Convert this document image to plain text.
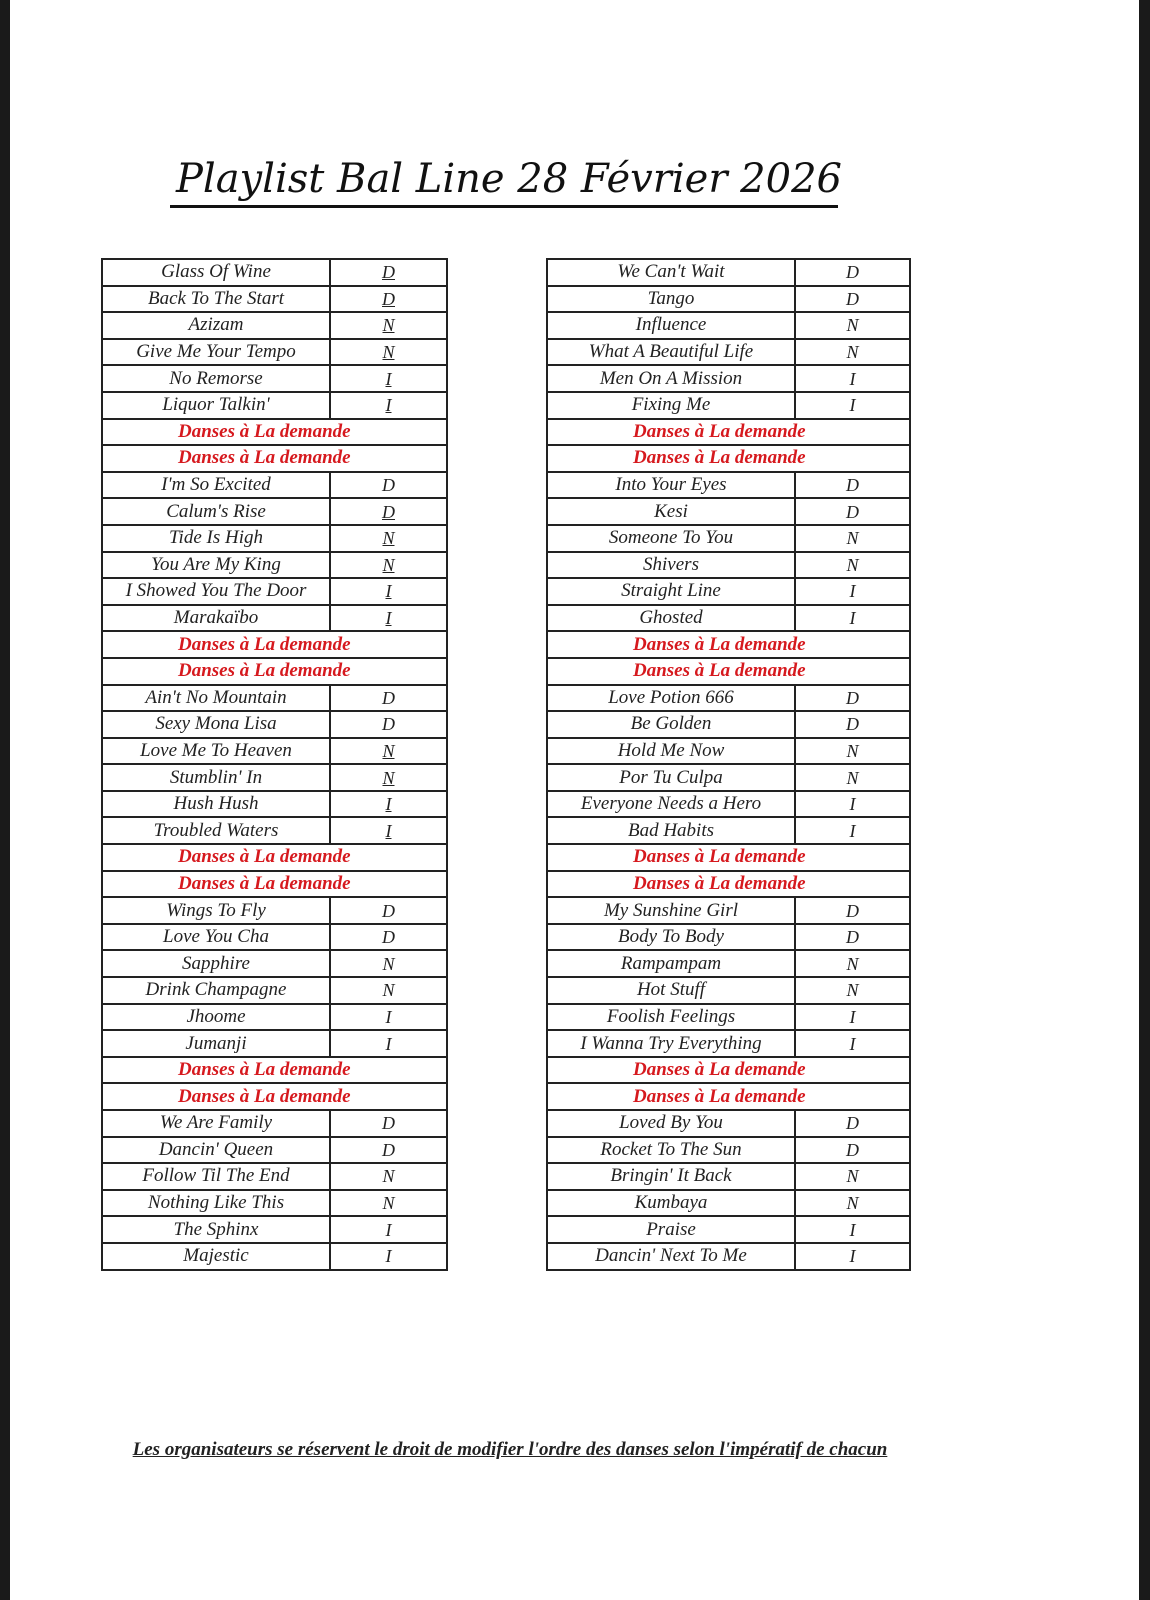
Playlist Bal Line 28 Février 2026
Glass Of Wine	D
Back To The Start	D
Azizam	N
Give Me Your Tempo	N
No Remorse	I
Liquor Talkin'	I
Danses à La demande	
Danses à La demande	
I'm So Excited	D
Calum's Rise	D
Tide Is High	N
You Are My King	N
I Showed You The Door	I
Marakaïbo	I
Danses à La demande	
Danses à La demande	
Ain't No Mountain	D
Sexy Mona Lisa	D
Love Me To Heaven	N
Stumblin' In	N
Hush Hush	I
Troubled Waters	I
Danses à La demande	
Danses à La demande	
Wings To Fly	D
Love You Cha	D
Sapphire	N
Drink Champagne	N
Jhoome	I
Jumanji	I
Danses à La demande	
Danses à La demande	
We Are Family	D
Dancin' Queen	D
Follow Til The End	N
Nothing Like This	N
The Sphinx	I
Majestic	I
We Can't Wait	D
Tango	D
Influence	N
What A Beautiful Life	N
Men On A Mission	I
Fixing Me	I
Danses à La demande	
Danses à La demande	
Into Your Eyes	D
Kesi	D
Someone To You	N
Shivers	N
Straight Line	I
Ghosted	I
Danses à La demande	
Danses à La demande	
Love Potion 666	D
Be Golden	D
Hold Me Now	N
Por Tu Culpa	N
Everyone Needs a Hero	I
Bad Habits	I
Danses à La demande	
Danses à La demande	
My Sunshine Girl	D
Body To Body	D
Rampampam	N
Hot Stuff	N
Foolish Feelings	I
I Wanna Try Everything	I
Danses à La demande	
Danses à La demande	
Loved By You	D
Rocket To The Sun	D
Bringin' It Back	N
Kumbaya	N
Praise	I
Dancin' Next To Me	I
Les organisateurs se réservent le droit de modifier l'ordre des danses selon l'impératif de chacun
